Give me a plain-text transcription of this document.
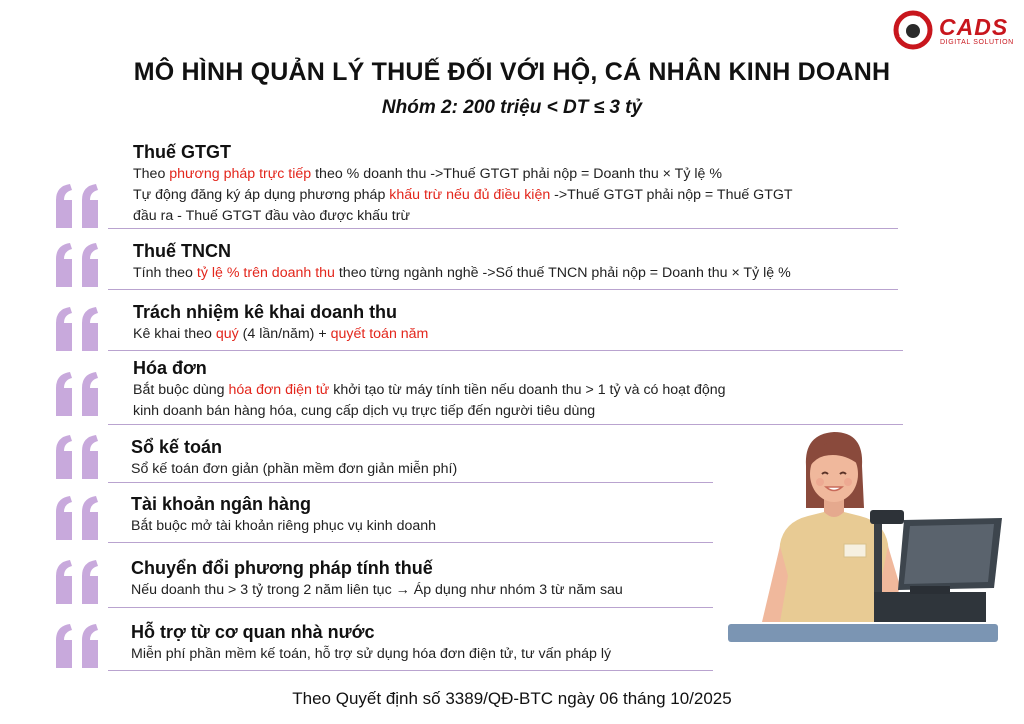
CADS
DIGITAL SOLUTION
MÔ HÌNH QUẢN LÝ THUẾ ĐỐI VỚI HỘ, CÁ NHÂN KINH DOANH
Nhóm 2: 200 triệu < DT ≤ 3 tỷ
Thuế GTGT
Theo phương pháp trực tiếp theo % doanh thu ->Thuế GTGT phải nộp = Doanh thu × Tỷ lệ %
Tự động đăng ký áp dụng phương pháp khấu trừ nếu đủ điều kiện ->Thuế GTGT phải nộp = Thuế GTGT
đầu ra - Thuế GTGT đầu vào được khấu trừ
Thuế TNCN
Tính theo tỷ lệ % trên doanh thu theo từng ngành nghề ->Số thuế TNCN phải nộp = Doanh thu × Tỷ lệ %
Trách nhiệm kê khai doanh thu
Kê khai theo quý (4 lần/năm) + quyết toán năm
Hóa đơn
Bắt buộc dùng hóa đơn điện tử khởi tạo từ máy tính tiền nếu doanh thu > 1 tỷ và có hoạt động
kinh doanh bán hàng hóa, cung cấp dịch vụ trực tiếp đến người tiêu dùng
Sổ kế toán
Sổ kế toán đơn giản (phần mềm đơn giản miễn phí)
Tài khoản ngân hàng
Bắt buộc mở tài khoản riêng phục vụ kinh doanh
Chuyển đổi phương pháp tính thuế
Nếu doanh thu > 3 tỷ trong 2 năm liên tục → Áp dụng như nhóm 3 từ năm sau
Hỗ trợ từ cơ quan nhà nước
Miễn phí phần mềm kế toán, hỗ trợ sử dụng hóa đơn điện tử, tư vấn pháp lý
Theo Quyết định số 3389/QĐ-BTC ngày 06 tháng 10/2025
